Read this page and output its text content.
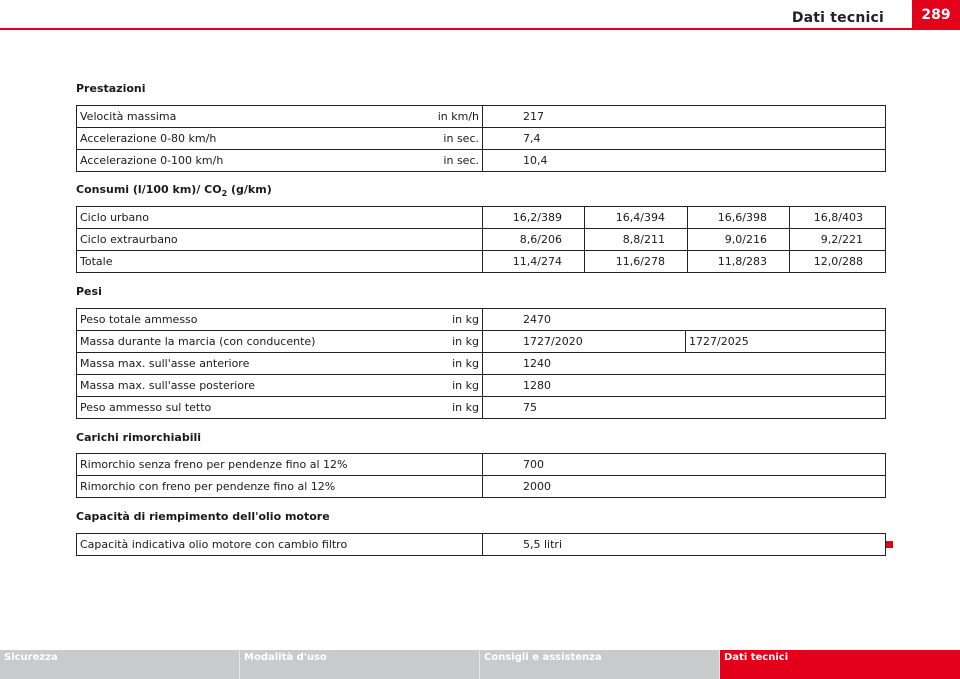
Dati tecnici	289
Prestazioni
Velocità massima in km/h	217
Accelerazione 0-80 km/h in sec.	7,4
Accelerazione 0-100 km/h in sec.	10,4
Consumi (l/100 km)/ $CO_2$ (g/km)
Ciclo urbano	16,2/389	16,4/394	16,6/398	16,8/403
Ciclo extraurbano	8,6/206	8,8/211	9,0/216	9,2/221
Totale	11,4/274	11,6/278	11,8/283	12,0/288
Pesi
Peso totale ammesso in kg	2470	
Massa durante la marcia (con conducente) in kg	1727/2020	1727/2025
Massa max. sull'asse anteriore in kg	1240	
Massa max. sull'asse posteriore in kg	1280	
Peso ammesso sul tetto in kg	75	
Carichi rimorchiabili
Rimorchio senza freno per pendenze fino al 12%	700
Rimorchio con freno per pendenze fino al 12%	2000
Capacità di riempimento dell'olio motore
Capacità indicativa olio motore con cambio filtro	5,5 litri
Sicurezza	Modalità d'uso	Consigli e assistenza	Dati tecnici
